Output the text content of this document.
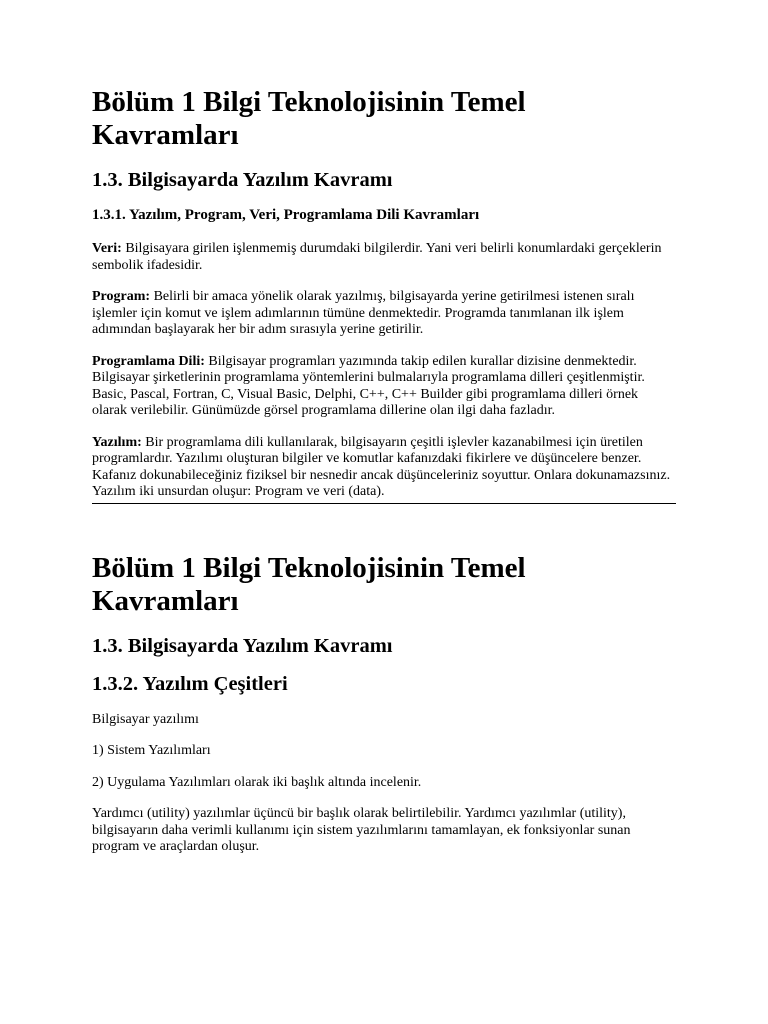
Bölüm 1 Bilgi Teknolojisinin Temel Kavramları
1.3. Bilgisayarda Yazılım Kavramı
1.3.1. Yazılım, Program, Veri, Programlama Dili Kavramları

Veri: Bilgisayara girilen işlenmemiş durumdaki bilgilerdir. Yani veri belirli konumlardaki gerçeklerin sembolik ifadesidir.

Program: Belirli bir amaca yönelik olarak yazılmış, bilgisayarda yerine getirilmesi istenen sıralı işlemler için komut ve işlem adımlarının tümüne denmektedir. Programda tanımlanan ilk işlem adımından başlayarak her bir adım sırasıyla yerine getirilir.

Programlama Dili: Bilgisayar programları yazımında takip edilen kurallar dizisine denmektedir. Bilgisayar şirketlerinin programlama yöntemlerini bulmalarıyla programlama dilleri çeşitlenmiştir. Basic, Pascal, Fortran, C, Visual Basic, Delphi, C++, C++ Builder gibi programlama dilleri örnek olarak verilebilir. Günümüzde görsel programlama dillerine olan ilgi daha fazladır.

Yazılım: Bir programlama dili kullanılarak, bilgisayarın çeşitli işlevler kazanabilmesi için üretilen programlardır. Yazılımı oluşturan bilgiler ve komutlar kafanızdaki fikirlere ve düşüncelere benzer. Kafanız dokunabileceğiniz fiziksel bir nesnedir ancak düşünceleriniz soyuttur. Onlara dokunamazsınız. Yazılım iki unsurdan oluşur: Program ve veri (data).

Bölüm 1 Bilgi Teknolojisinin Temel Kavramları
1.3. Bilgisayarda Yazılım Kavramı
1.3.2. Yazılım Çeşitleri

Bilgisayar yazılımı

1) Sistem Yazılımları

2) Uygulama Yazılımları olarak iki başlık altında incelenir.

Yardımcı (utility) yazılımlar üçüncü bir başlık olarak belirtilebilir. Yardımcı yazılımlar (utility), bilgisayarın daha verimli kullanımı için sistem yazılımlarını tamamlayan, ek fonksiyonlar sunan program ve araçlardan oluşur.
